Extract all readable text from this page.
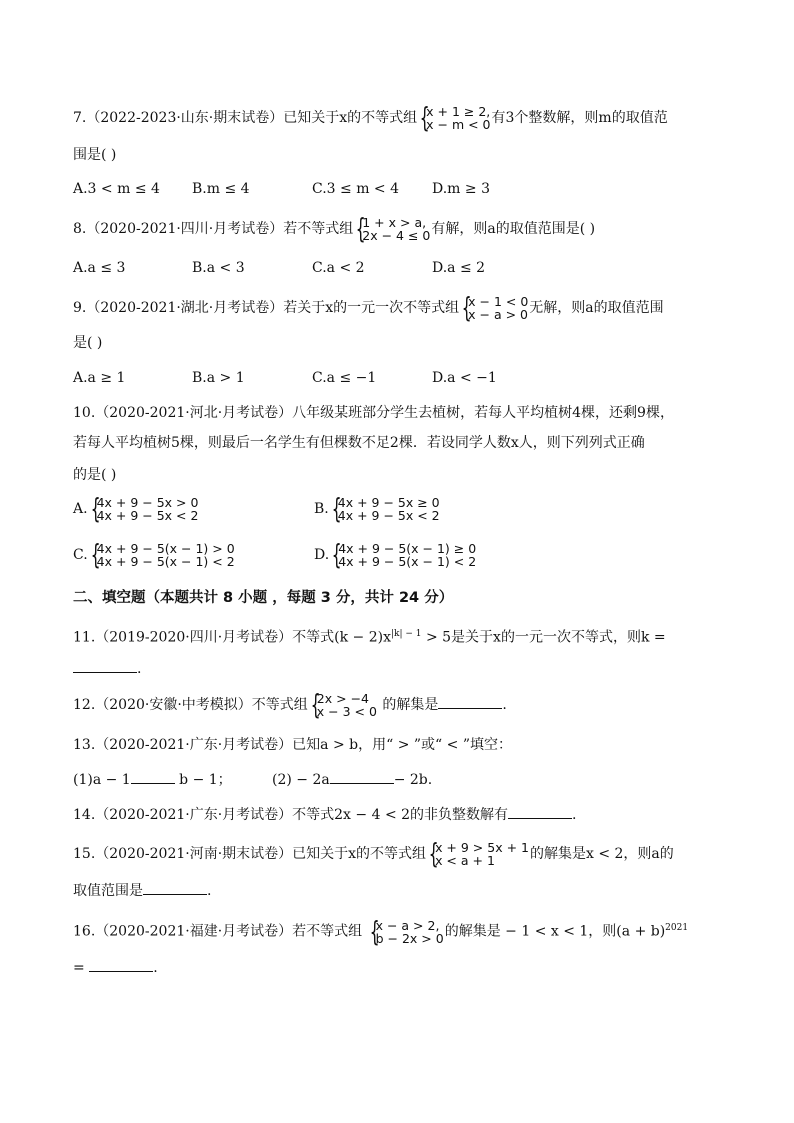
7.（2022-2023·山东·期末试卷）已知关于x的不等式组 {
x + 1 ≥ 2,
x − m < 0 有3个整数解，则m的取值范
围是( )
A.3 < m ≤ 4 B.m ≤ 4	C.3 ≤ m < 4 D.m ≥ 3
8.（2020-2021·四川·月考试卷）若不等式组 {
1 + x > a,
2x − 4 ≤ 0 有解，则a的取值范围是( )
A.a ≤ 3	B.a < 3	C.a < 2	D.a ≤ 2
9.（2020-2021·湖北·月考试卷）若关于x的一元一次不等式组 {
x − 1 < 0
x − a > 0 无解，则a的取值范围
是( )
A.a ≥ 1	B.a > 1	C.a ≤ −1	D.a < −1
10.（2020-2021·河北·月考试卷）八年级某班部分学生去植树，若每人平均植树4棵，还剩9棵，
若每人平均植树5棵，则最后一名学生有但棵数不足2棵．若设同学人数x人，则下列列式正确
的是( )
A. {
4x + 9 − 5x > 0
4x + 9 − 5x < 2	B. {
4x + 9 − 5x ≥ 0
4x + 9 − 5x < 2
C. {
4x + 9 − 5(x − 1) > 0
4x + 9 − 5(x − 1) < 2	D. {
4x + 9 − 5(x − 1) ≥ 0
4x + 9 − 5(x − 1) < 2
二、填空题（本题共计 8 小题 ，每题 3 分，共计 24 分）
11.（2019-2020·四川·月考试卷）不等式$(k - 2)x^{|k| - 1} > 5$是关于x的一元一次不等式，则k =
.
12.（2020·安徽·中考模拟）不等式组 {
2x > −4
x − 3 < 0 的解集是	.
13.（2020-2021·广东·月考试卷）已知a > b，用“ > ”或“ < ”填空：
(1)a − 1	b − 1；	(2) − 2a	− 2b.
14.（2020-2021·广东·月考试卷）不等式2x − 4 < 2的非负整数解有	.
15.（2020-2021·河南·期末试卷）已知关于x的不等式组 {
x + 9 > 5x + 1
x < a + 1	的解集是x < 2，则a的
取值范围是	.
16.（2020-2021·福建·月考试卷）若不等式组 {
x − a > 2,
b − 2x > 0 的解集是 − 1 < x < 1，则$(a + b)^{2021}$
=	.
